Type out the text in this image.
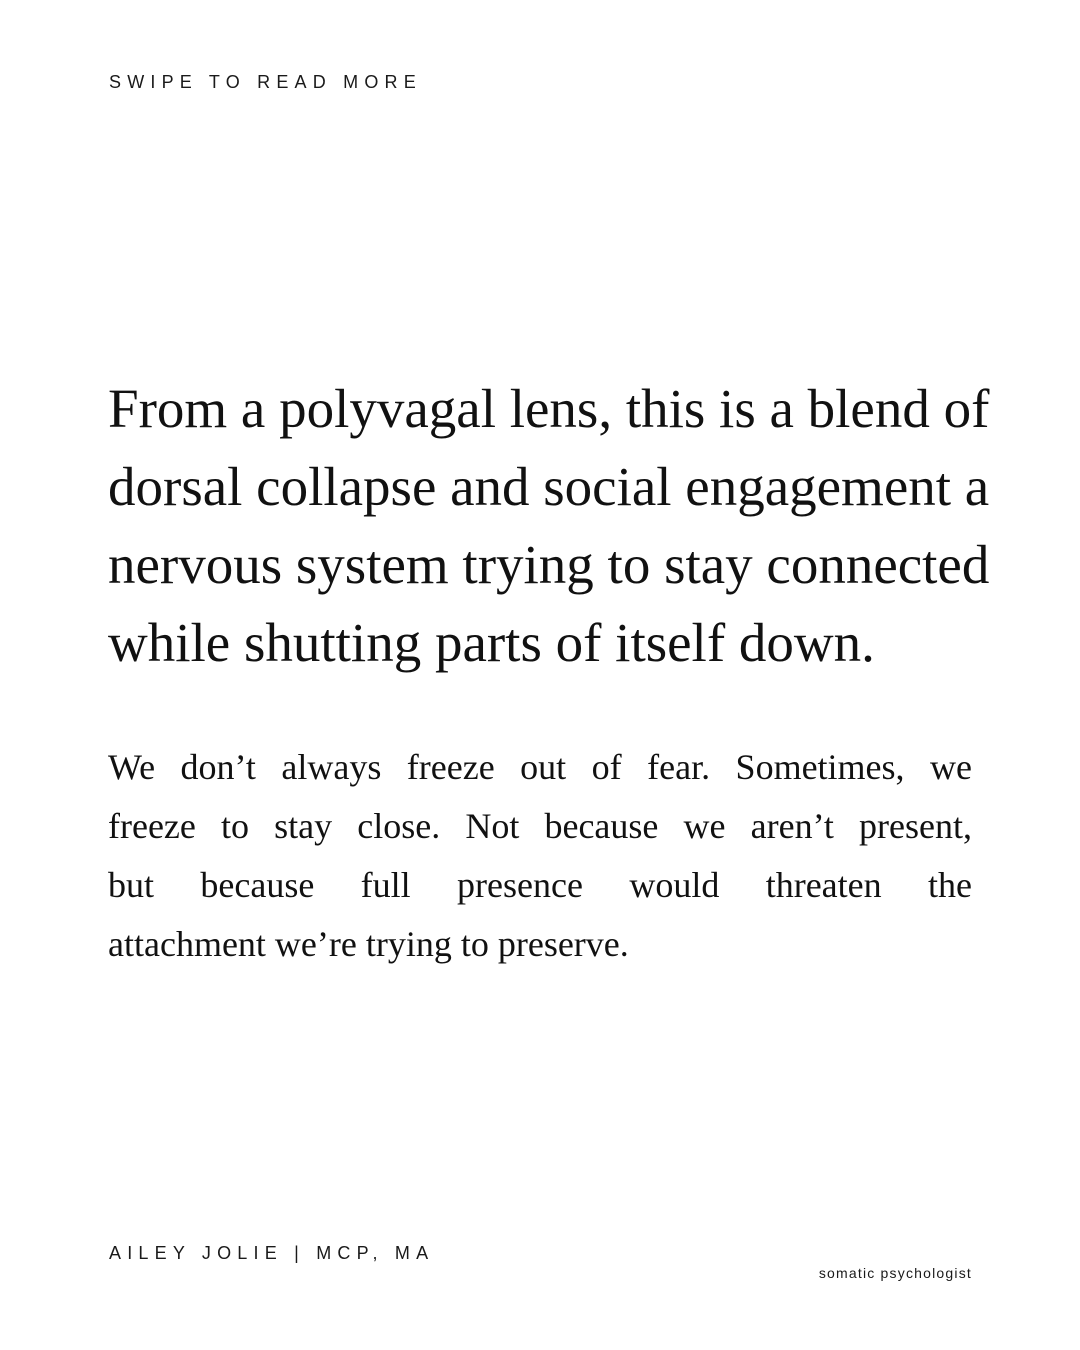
SWIPE TO READ MORE
From a polyvagal lens, this is a blend of
dorsal collapse and social engagement a
nervous system trying to stay connected
while shutting parts of itself down.
We don’t always freeze out of fear. Sometimes, we
freeze to stay close. Not because we aren’t present,
but because full presence would threaten the
attachment we’re trying to preserve.
AILEY JOLIE | MCP, MA
somatic psychologist
